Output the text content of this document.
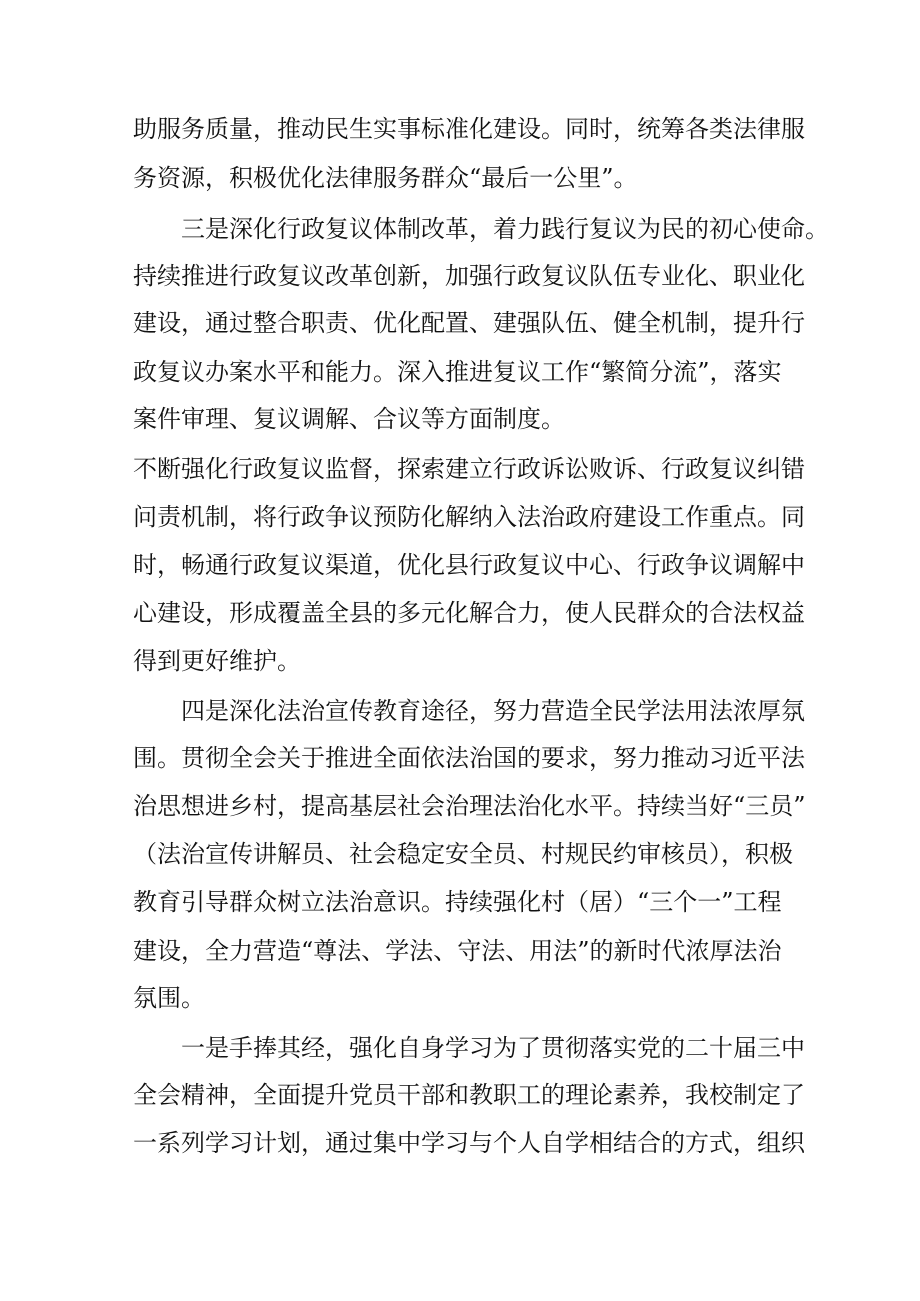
助服务质量，推动民生实事标准化建设。同时，统筹各类法律服
务资源，积极优化法律服务群众“最后一公里”。
三是深化行政复议体制改革，着力践行复议为民的初心使命。
持续推进行政复议改革创新，加强行政复议队伍专业化、职业化
建设，通过整合职责、优化配置、建强队伍、健全机制，提升行
政复议办案水平和能力。深入推进复议工作“繁简分流”，落实
案件审理、复议调解、合议等方面制度。
不断强化行政复议监督，探索建立行政诉讼败诉、行政复议纠错
问责机制，将行政争议预防化解纳入法治政府建设工作重点。同
时，畅通行政复议渠道，优化县行政复议中心、行政争议调解中
心建设，形成覆盖全县的多元化解合力，使人民群众的合法权益
得到更好维护。
四是深化法治宣传教育途径，努力营造全民学法用法浓厚氛
围。贯彻全会关于推进全面依法治国的要求，努力推动习近平法
治思想进乡村，提高基层社会治理法治化水平。持续当好“三员”
（法治宣传讲解员、社会稳定安全员、村规民约审核员），积极
教育引导群众树立法治意识。持续强化村（居）“三个一”工程
建设，全力营造“尊法、学法、守法、用法”的新时代浓厚法治
氛围。
一是手捧其经，强化自身学习为了贯彻落实党的二十届三中
全会精神，全面提升党员干部和教职工的理论素养，我校制定了
一系列学习计划，通过集中学习与个人自学相结合的方式，组织
